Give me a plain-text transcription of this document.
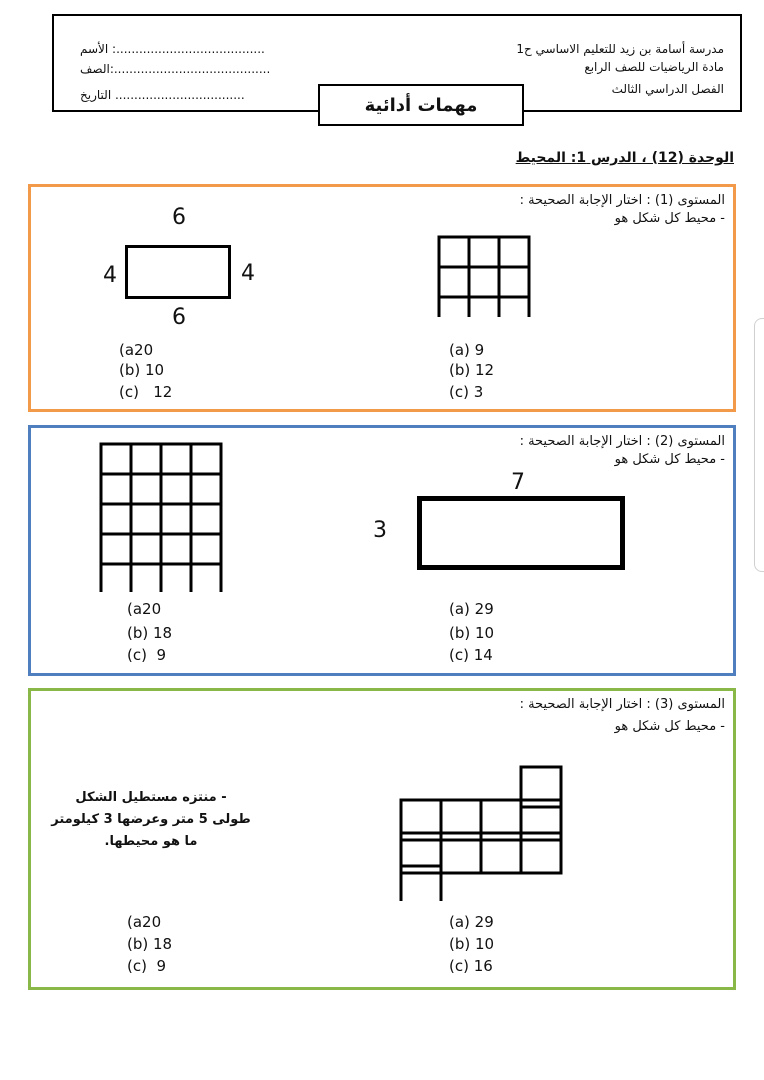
مدرسة أسامة بن زيد للتعليم الاساسي ح1
مادة الرياضيات للصف الرابع
الفصل الدراسي الثالث
الأسم :.......................................
الصف:.........................................
التاريخ ..................................	مهمات أدائية
الوحدة (12) ، الدرس 1: المحيط
المستوى (1) : اختار الإجابة الصحيحة :
- محيط كل شكل هو
6
4	4
6
(a20
(b) 10
(c)   12
(a) 9
(b) 12
(c) 3
المستوى (2) : اختار الإجابة الصحيحة :
- محيط كل شكل هو
7
3
(a20
(b) 18
(c)  9
(a) 29
(b) 10
(c) 14
المستوى (3) : اختار الإجابة الصحيحة :
- محيط كل شكل هو
- منتزه مستطيل الشكل
طولى 5 متر وعرضها 3 كيلومتر
ما هو محيطها.
(a20
(b) 18
(c)  9
(a) 29
(b) 10
(c) 16
